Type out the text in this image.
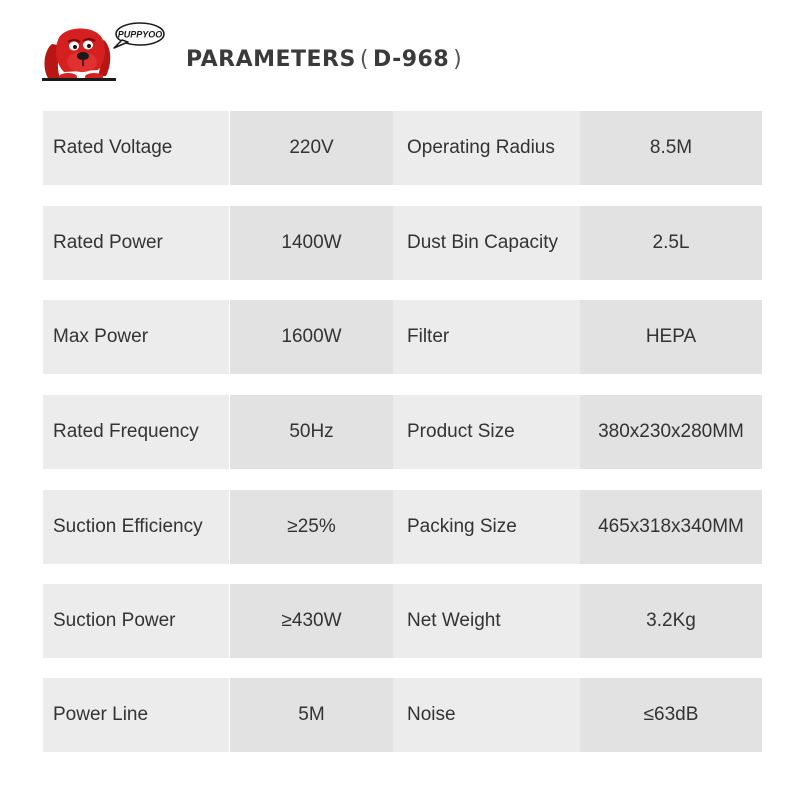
PUPPYOO
PARAMETERS ( D-968 )
Rated Voltage	220V	Operating Radius	8.5M
Rated Power	1400W	Dust Bin Capacity	2.5L
Max Power	1600W	Filter	HEPA
Rated Frequency	50Hz	Product Size	380x230x280MM
Suction Efficiency	≥25%	Packing Size	465x318x340MM
Suction Power	≥430W	Net Weight	3.2Kg
Power Line	5M	Noise	≤63dB
